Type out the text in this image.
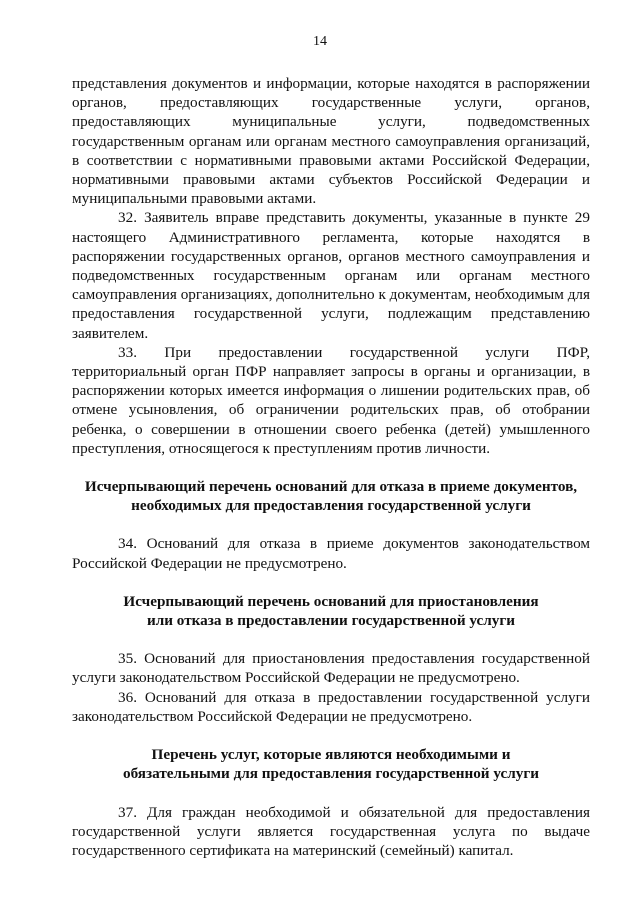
14

представления документов и информации, которые находятся в распоряжении органов, предоставляющих государственные услуги, органов, предоставляющих муниципальные услуги, подведомственных государственным органам или органам местного самоуправления организаций, в соответствии с нормативными правовыми актами Российской Федерации, нормативными правовыми актами субъектов Российской Федерации и муниципальными правовыми актами.

32. Заявитель вправе представить документы, указанные в пункте 29 настоящего Административного регламента, которые находятся в распоряжении государственных органов, органов местного самоуправления и подведомственных государственным органам или органам местного самоуправления организациях, дополнительно к документам, необходимым для предоставления государственной услуги, подлежащим представлению заявителем.

33. При предоставлении государственной услуги ПФР, территориальный орган ПФР направляет запросы в органы и организации, в распоряжении которых имеется информация о лишении родительских прав, об отмене усыновления, об ограничении родительских прав, об отобрании ребенка, о совершении в отношении своего ребенка (детей) умышленного преступления, относящегося к преступлениям против личности.

Исчерпывающий перечень оснований для отказа в приеме документов,
необходимых для предоставления государственной услуги

34. Оснований для отказа в приеме документов законодательством Российской Федерации не предусмотрено.

Исчерпывающий перечень оснований для приостановления
или отказа в предоставлении государственной услуги

35. Оснований для приостановления предоставления государственной услуги законодательством Российской Федерации не предусмотрено.

36. Оснований для отказа в предоставлении государственной услуги законодательством Российской Федерации не предусмотрено.

Перечень услуг, которые являются необходимыми и
обязательными для предоставления государственной услуги

37. Для граждан необходимой и обязательной для предоставления государственной услуги является государственная услуга по выдаче государственного сертификата на материнский (семейный) капитал.
